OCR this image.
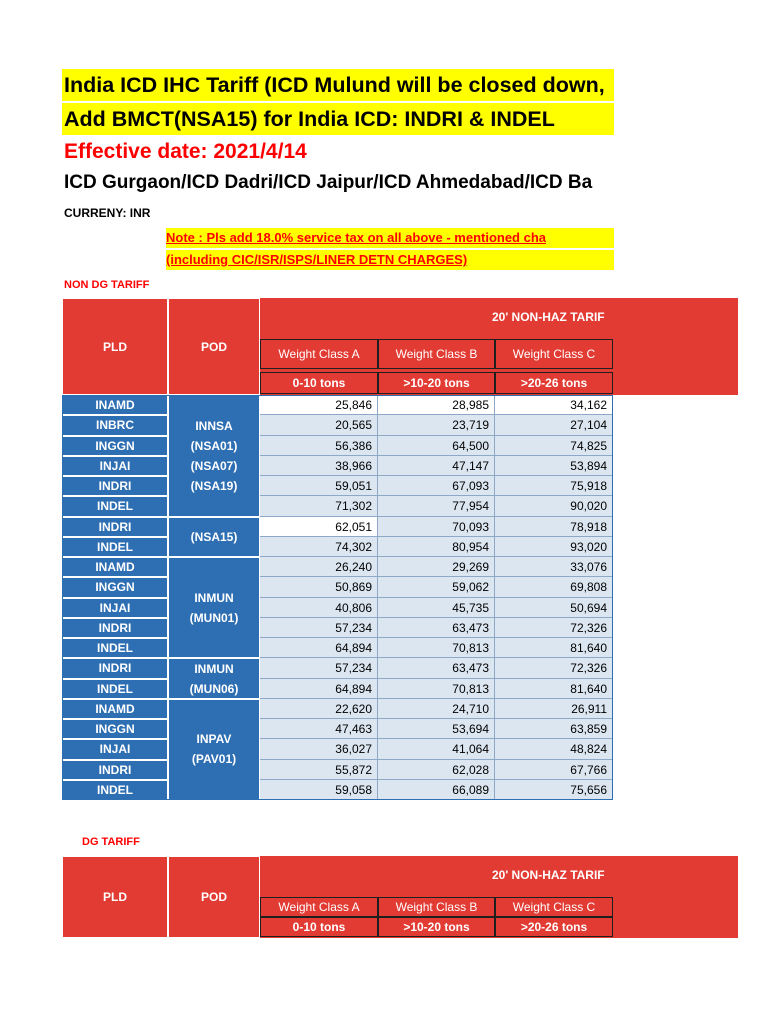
India ICD IHC Tariff (ICD Mulund will be closed down,
Add BMCT(NSA15) for India ICD: INDRI & INDEL
Effective date: 2021/4/14
ICD Gurgaon/ICD Dadri/ICD Jaipur/ICD Ahmedabad/ICD Ba
CURRENY: INR
Note : Pls add 18.0% service tax on all above - mentioned cha
(including CIC/ISR/ISPS/LINER DETN CHARGES)
NON DG TARIFF
PLD	POD
20' NON-HAZ TARIF
Weight Class A	Weight Class B	Weight Class C
0-10 tons	>10-20 tons	>20-26 tons
INNSA
(NSA01)
(NSA07)
(NSA19)
INAMD	25,846	28,985	34,162
INBRC	20,565	23,719	27,104
INGGN	56,386	64,500	74,825
INJAI	38,966	47,147	53,894
INDRI	59,051	67,093	75,918
INDEL	71,302	77,954	90,020
(NSA15)
INDRI	62,051	70,093	78,918
INDEL	74,302	80,954	93,020
INMUN
(MUN01)
INAMD	26,240	29,269	33,076
INGGN	50,869	59,062	69,808
INJAI	40,806	45,735	50,694
INDRI	57,234	63,473	72,326
INDEL	64,894	70,813	81,640
INMUN
(MUN06)
INDRI	57,234	63,473	72,326
INDEL	64,894	70,813	81,640
INPAV
(PAV01)
INAMD	22,620	24,710	26,911
INGGN	47,463	53,694	63,859
INJAI	36,027	41,064	48,824
INDRI	55,872	62,028	67,766
INDEL	59,058	66,089	75,656
DG TARIFF
PLD	POD
20' NON-HAZ TARIF
Weight Class A	Weight Class B	Weight Class C
0-10 tons	>10-20 tons	>20-26 tons
